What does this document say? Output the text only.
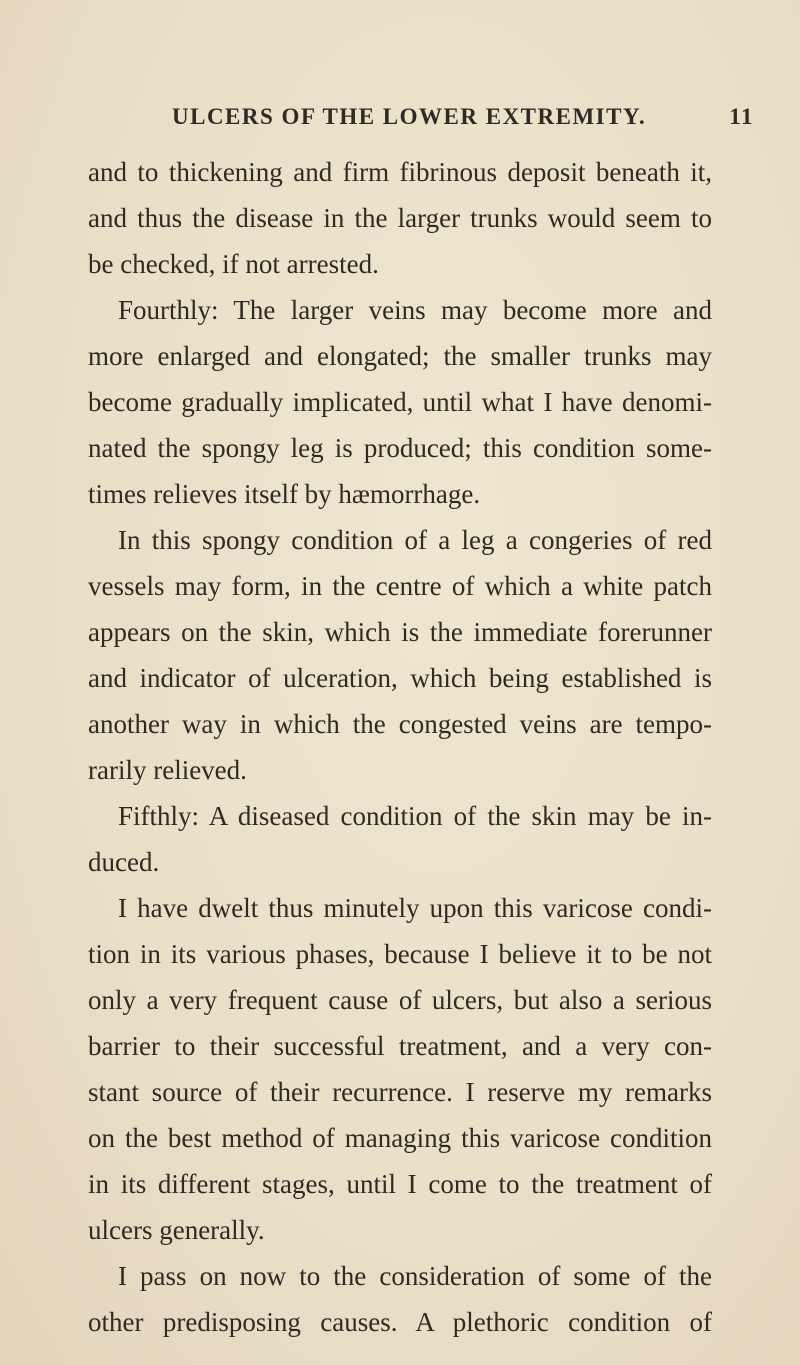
ULCERS OF THE LOWER EXTREMITY.	11
and to thickening and firm fibrinous deposit beneath it,
and thus the disease in the larger trunks would seem to
be checked, if not arrested.
Fourthly: The larger veins may become more and
more enlarged and elongated; the smaller trunks may
become gradually implicated, until what I have denomi-
nated the spongy leg is produced; this condition some-
times relieves itself by hæmorrhage.
In this spongy condition of a leg a congeries of red
vessels may form, in the centre of which a white patch
appears on the skin, which is the immediate forerunner
and indicator of ulceration, which being established is
another way in which the congested veins are tempo-
rarily relieved.
Fifthly: A diseased condition of the skin may be in-
duced.
I have dwelt thus minutely upon this varicose condi-
tion in its various phases, because I believe it to be not
only a very frequent cause of ulcers, but also a serious
barrier to their successful treatment, and a very con-
stant source of their recurrence. I reserve my remarks
on the best method of managing this varicose condition
in its different stages, until I come to the treatment of
ulcers generally.
I pass on now to the consideration of some of the
other predisposing causes. A plethoric condition of
